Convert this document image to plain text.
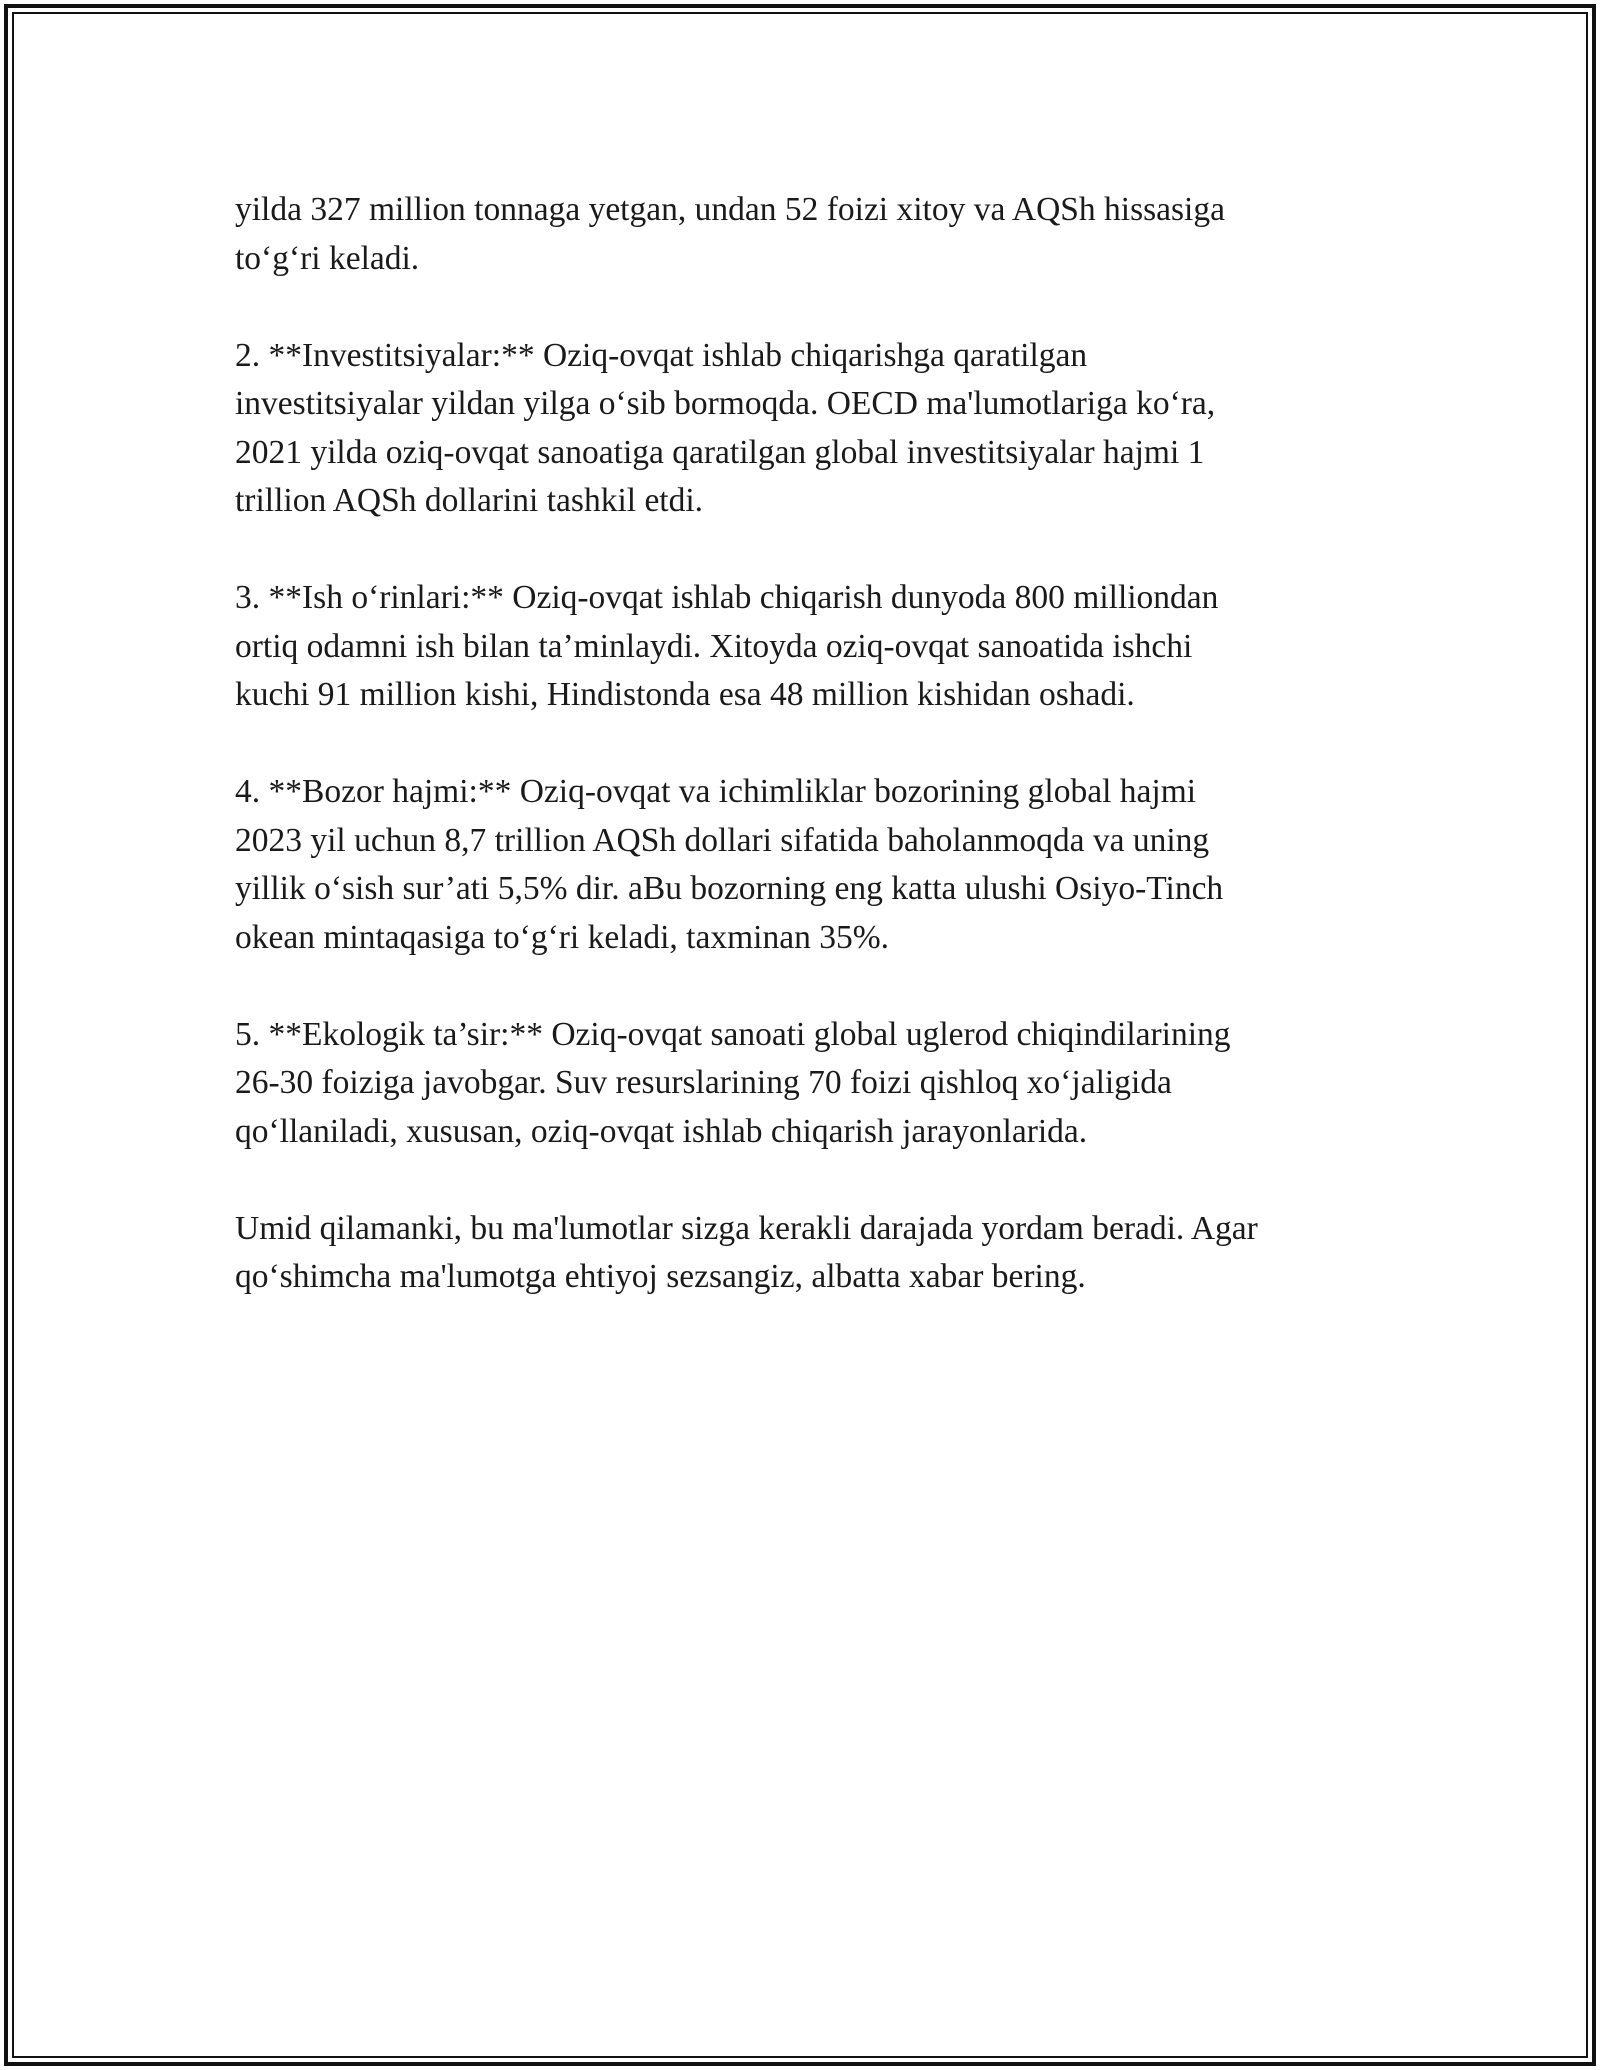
yilda 327 million tonnaga yetgan, undan 52 foizi xitoy va AQSh hissasiga
to‘g‘ri keladi.

2. **Investitsiyalar:** Oziq-ovqat ishlab chiqarishga qaratilgan
investitsiyalar yildan yilga o‘sib bormoqda. OECD ma'lumotlariga ko‘ra,
2021 yilda oziq-ovqat sanoatiga qaratilgan global investitsiyalar hajmi 1
trillion AQSh dollarini tashkil etdi.

3. **Ish o‘rinlari:** Oziq-ovqat ishlab chiqarish dunyoda 800 milliondan
ortiq odamni ish bilan ta’minlaydi. Xitoyda oziq-ovqat sanoatida ishchi
kuchi 91 million kishi, Hindistonda esa 48 million kishidan oshadi.

4. **Bozor hajmi:** Oziq-ovqat va ichimliklar bozorining global hajmi
2023 yil uchun 8,7 trillion AQSh dollari sifatida baholanmoqda va uning
yillik o‘sish sur’ati 5,5% dir. aBu bozorning eng katta ulushi Osiyo-Tinch
okean mintaqasiga to‘g‘ri keladi, taxminan 35%.

5. **Ekologik ta’sir:** Oziq-ovqat sanoati global uglerod chiqindilarining
26-30 foiziga javobgar. Suv resurslarining 70 foizi qishloq xo‘jaligida
qo‘llaniladi, xususan, oziq-ovqat ishlab chiqarish jarayonlarida.

Umid qilamanki, bu ma'lumotlar sizga kerakli darajada yordam beradi. Agar
qo‘shimcha ma'lumotga ehtiyoj sezsangiz, albatta xabar bering.
